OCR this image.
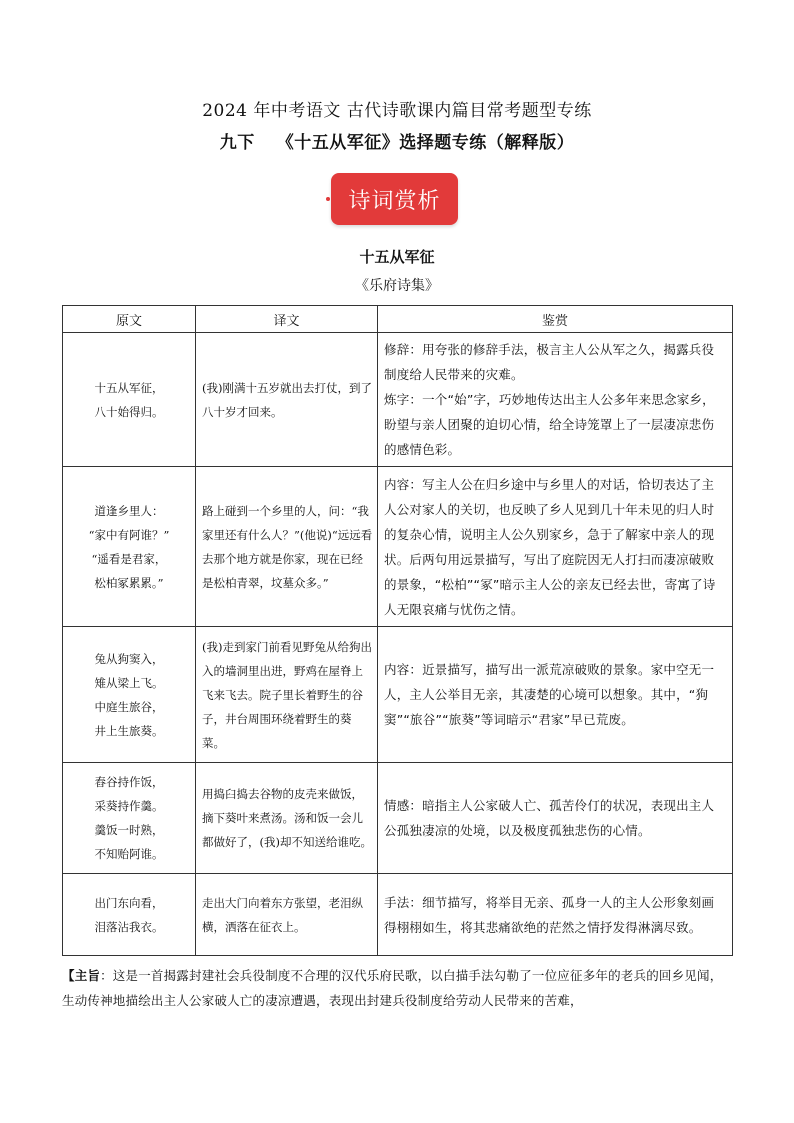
2024 年中考语文 古代诗歌课内篇目常考题型专练
九下 《十五从军征》选择题专练（解释版）
诗词赏析
十五从军征
《乐府诗集》
原文	译文	鉴赏

十五从军征，
八十始得归。	(我)刚满十五岁就出去打仗，到了八十岁才回来。	修辞：用夸张的修辞手法，极言主人公从军之久，揭露兵役制度给人民带来的灾难。
炼字：一个“始”字，巧妙地传达出主人公多年来思念家乡，盼望与亲人团聚的迫切心情，给全诗笼罩上了一层凄凉悲伤的感情色彩。

道逢乡里人：
“家中有阿谁？”
“遥看是君家，
松柏冢累累。”	路上碰到一个乡里的人，问：“我家里还有什么人？”(他说)“远远看去那个地方就是你家，现在已经是松柏青翠，坟墓众多。”	内容：写主人公在归乡途中与乡里人的对话，恰切表达了主人公对家人的关切，也反映了乡人见到几十年未见的归人时的复杂心情，说明主人公久别家乡，急于了解家中亲人的现状。后两句用远景描写，写出了庭院因无人打扫而凄凉破败的景象，“松柏”“冢”暗示主人公的亲友已经去世，寄寓了诗人无限哀痛与忧伤之情。

兔从狗窦入，
雉从梁上飞。
中庭生旅谷，
井上生旅葵。	(我)走到家门前看见野兔从给狗出入的墙洞里出进，野鸡在屋脊上飞来飞去。院子里长着野生的谷子，井台周围环绕着野生的葵菜。	内容：近景描写，描写出一派荒凉破败的景象。家中空无一人，主人公举目无亲，其凄楚的心境可以想象。其中，“狗窦”“旅谷”“旅葵”等词暗示“君家”早已荒废。

舂谷持作饭，
采葵持作羹。
羹饭一时熟，
不知贻阿谁。	用捣臼捣去谷物的皮壳来做饭，摘下葵叶来煮汤。汤和饭一会儿都做好了，(我)却不知送给谁吃。	情感：暗指主人公家破人亡、孤苦伶仃的状况，表现出主人公孤独凄凉的处境，以及极度孤独悲伤的心情。

出门东向看，
泪落沾我衣。	走出大门向着东方张望，老泪纵横，洒落在征衣上。	手法：细节描写，将举目无亲、孤身一人的主人公形象刻画得栩栩如生，将其悲痛欲绝的茫然之情抒发得淋漓尽致。
【主旨：这是一首揭露封建社会兵役制度不合理的汉代乐府民歌，以白描手法勾勒了一位应征多年的老兵的回乡见闻，生动传神地描绘出主人公家破人亡的凄凉遭遇，表现出封建兵役制度给劳动人民带来的苦难，
